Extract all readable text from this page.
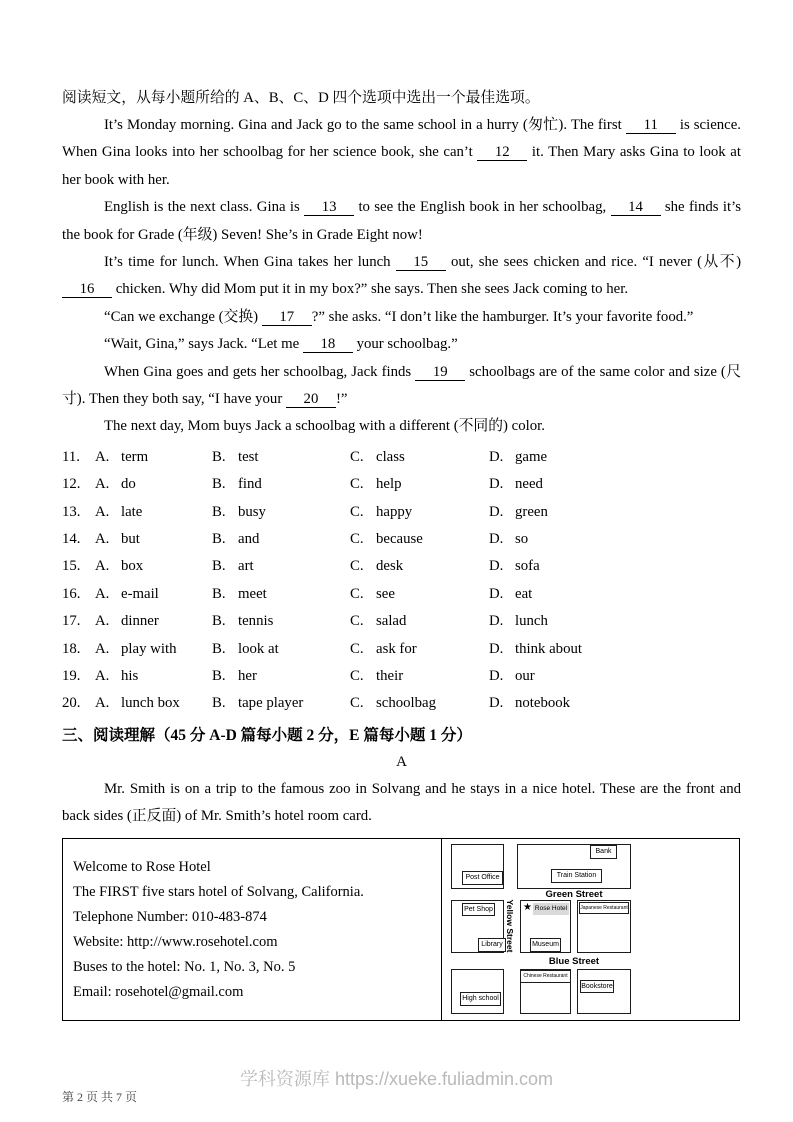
阅读短文，从每小题所给的 A、B、C、D 四个选项中选出一个最佳选项。

It’s Monday morning. Gina and Jack go to the same school in a hurry (匆忙). The first 11 is science. When Gina looks into her schoolbag for her science book, she can’t 12 it. Then Mary asks Gina to look at her book with her.

English is the next class. Gina is 13 to see the English book in her schoolbag, 14 she finds it’s the book for Grade (年级) Seven! She’s in Grade Eight now!

It’s time for lunch. When Gina takes her lunch 15 out, she sees chicken and rice. “I never (从不) 16 chicken. Why did Mom put it in my box?” she says. Then she sees Jack coming to her.

“Can we exchange (交换) 17 ?” she asks. “I don’t like the hamburger. It’s your favorite food.”

“Wait, Gina,” says Jack. “Let me 18 your schoolbag.”

When Gina goes and gets her schoolbag, Jack finds 19 schoolbags are of the same color and size (尺寸). Then they both say, “I have your 20 !”

The next day, Mom buys Jack a schoolbag with a different (不同的) color.

11. A. term	B. test	C. class	D. game
12. A. do	B. find	C. help	D. need
13. A. late	B. busy	C. happy	D. green
14. A. but	B. and	C. because	D. so
15. A. box	B. art	C. desk	D. sofa
16. A. e-mail	B. meet	C. see	D. eat
17. A. dinner	B. tennis	C. salad	D. lunch
18. A. play with	B. look at	C. ask for	D. think about
19. A. his	B. her	C. their	D. our
20. A. lunch box	B. tape player	C. schoolbag	D. notebook
三、阅读理解（45 分 A-D 篇每小题 2 分，E 篇每小题 1 分）

A

Mr. Smith is on a trip to the famous zoo in Solvang and he stays in a nice hotel. These are the front and back sides (正反面) of Mr. Smith’s hotel room card.

Welcome to Rose Hotel
The FIRST five stars hotel of Solvang, California.
Telephone Number: 010-483-874
Website: http://www.rosehotel.com
Buses to the hotel: No. 1, No. 3, No. 5
Email: rosehotel@gmail.com
Post Office
Bank
Train Station
Green Street
Pet Shop
Library Yellow Street ★ Rose Hotel
Museum
Japanese Restaurant
Blue Street
High school
Chinese Restaurant
Bookstore
学科资源库 https://xueke.fuliadmin.com
第 2 页 共 7 页
